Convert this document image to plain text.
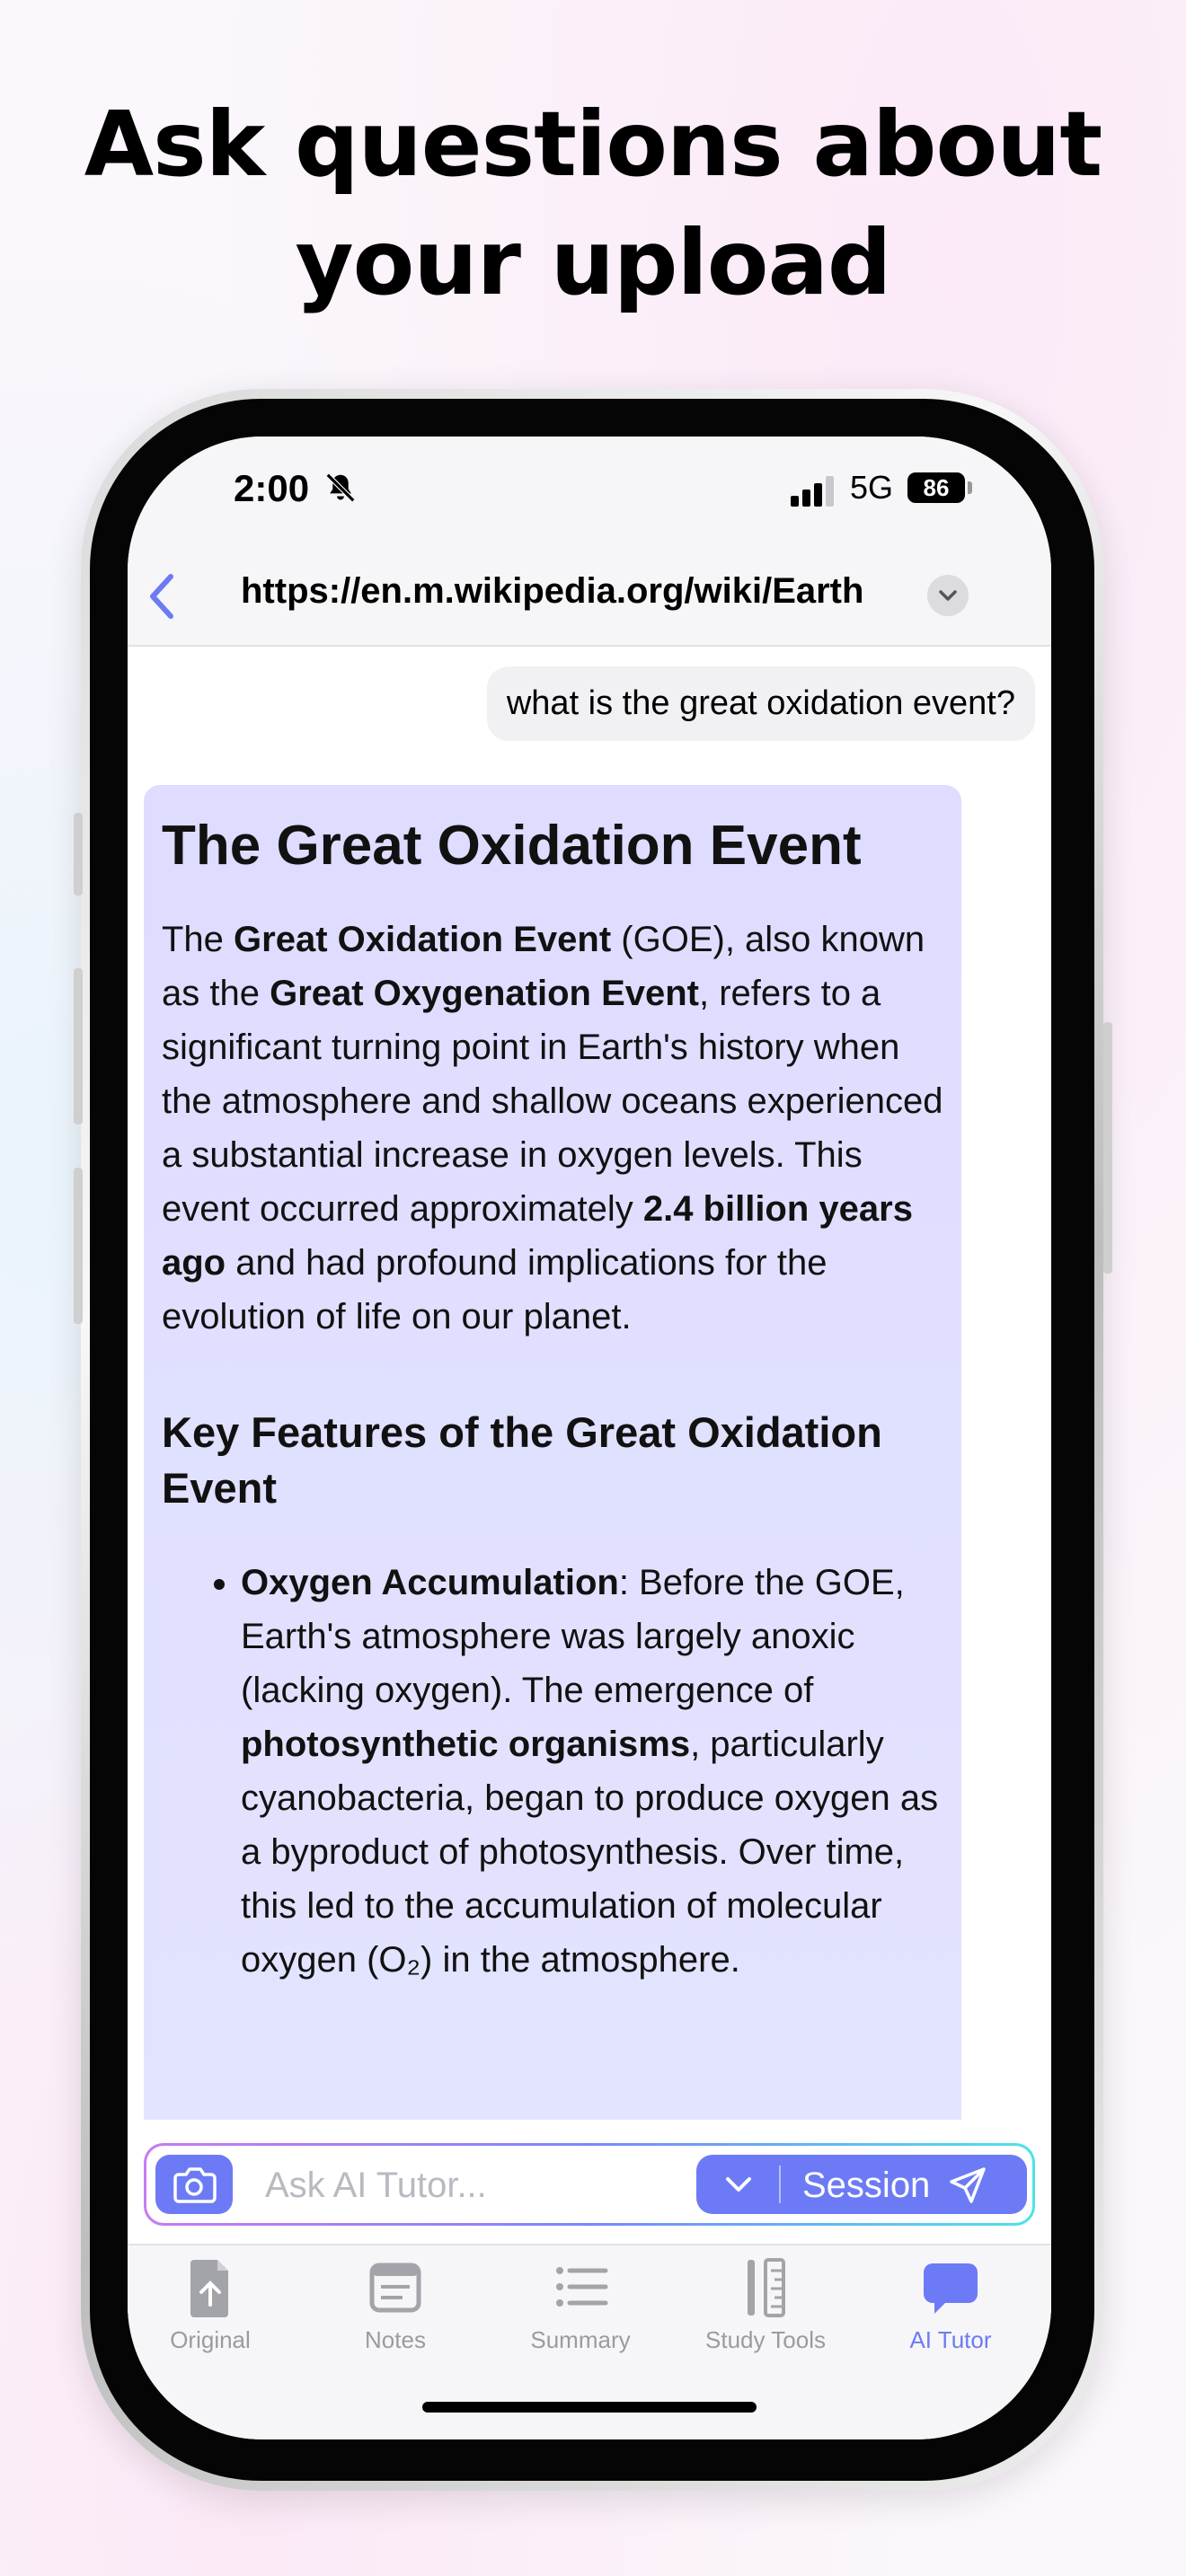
Ask questions about
your upload
2:00	5G	86
https://en.m.wikipedia.org/wiki/Earth
what is the great oxidation event?
The Great Oxidation Event

The Great Oxidation Event (GOE), also known as the Great Oxygenation Event, refers to a significant turning point in Earth's history when the atmosphere and shallow oceans experienced a substantial increase in oxygen levels. This event occurred approximately 2.4 billion years ago and had profound implications for the evolution of life on our planet.

Key Features of the Great Oxidation Event
• Oxygen Accumulation: Before the GOE, Earth's atmosphere was largely anoxic (lacking oxygen). The emergence of photosynthetic organisms, particularly cyanobacteria, began to produce oxygen as a byproduct of photosynthesis. Over time, this led to the accumulation of molecular oxygen (O₂) in the atmosphere.
Ask AI Tutor...
Session
Original	Notes	Summary	Study Tools	AI Tutor
